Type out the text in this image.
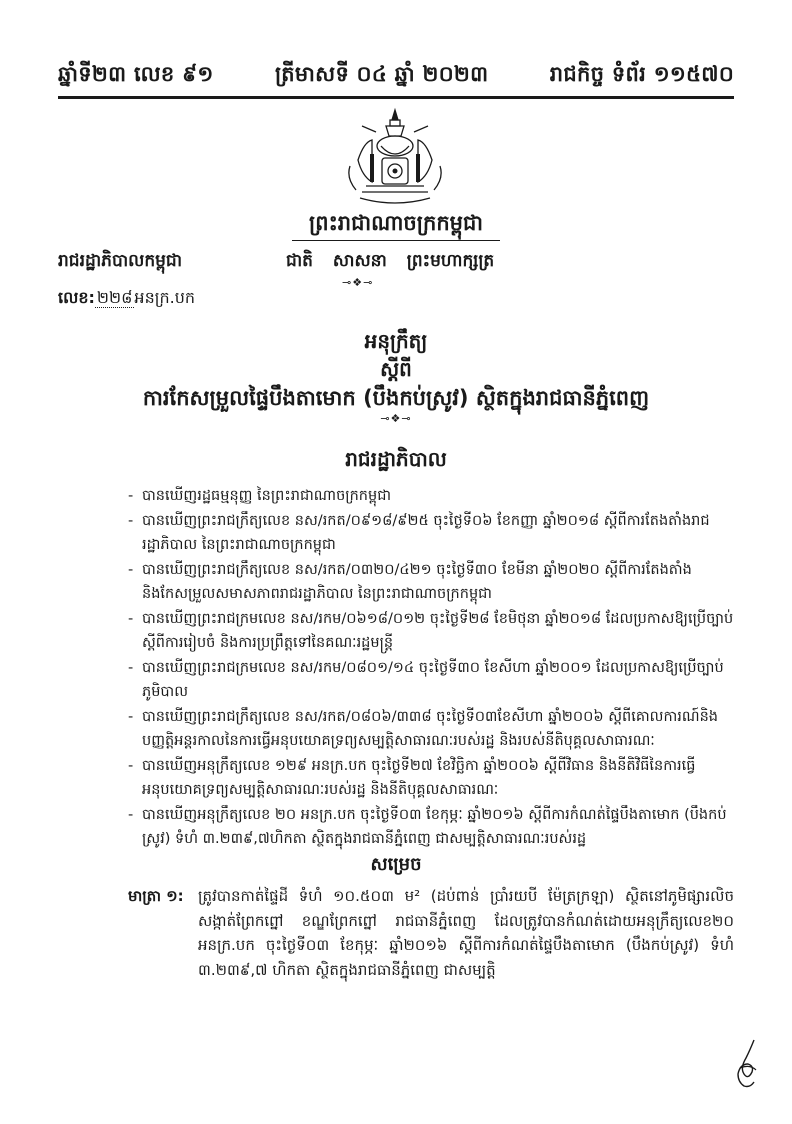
ឆ្នាំទី២៣ លេខ ៩១	ត្រីមាសទី ០៤ ឆ្នាំ ២០២៣	រាជកិច្ច ទំព័រ ១១៥៧០
ព្រះរាជាណាចក្រកម្ពុជា
រាជរដ្ឋាភិបាលកម្ពុជា	ជាតិ សាសនា ព្រះមហាក្សត្រ
⊸❖⊸
លេខ: ២២៨ អនក្រ.បក
អនុក្រឹត្យ
ស្តីពី
ការកែសម្រួលផ្ទៃបឹងតាមោក (បឹងកប់ស្រូវ) ស្ថិតក្នុងរាជធានីភ្នំពេញ
⊸❖⊸
រាជរដ្ឋាភិបាល
- បានឃើញរដ្ឋធម្មនុញ្ញ នៃព្រះរាជាណាចក្រកម្ពុជា
- បានឃើញព្រះរាជក្រឹត្យលេខ នស/រកត/០៩១៨/៩២៥ ចុះថ្ងៃទី០៦ ខែកញ្ញា ឆ្នាំ២០១៨ ស្តីពីការតែងតាំងរាជរដ្ឋាភិបាល នៃព្រះរាជាណាចក្រកម្ពុជា
- បានឃើញព្រះរាជក្រឹត្យលេខ នស/រកត/០៣២០/៤២១ ចុះថ្ងៃទី៣០ ខែមីនា ឆ្នាំ២០២០ ស្តីពីការតែងតាំងនិងកែសម្រួលសមាសភាពរាជរដ្ឋាភិបាល នៃព្រះរាជាណាចក្រកម្ពុជា
- បានឃើញព្រះរាជក្រមលេខ នស/រកម/០៦១៨/០១២ ចុះថ្ងៃទី២៨ ខែមិថុនា ឆ្នាំ២០១៨ ដែលប្រកាសឱ្យប្រើច្បាប់ស្តីពីការរៀបចំ និងការប្រព្រឹត្តទៅនៃគណៈរដ្ឋមន្ត្រី
- បានឃើញព្រះរាជក្រមលេខ នស/រកម/០៨០១/១៤ ចុះថ្ងៃទី៣០ ខែសីហា ឆ្នាំ២០០១ ដែលប្រកាសឱ្យប្រើច្បាប់ភូមិបាល
- បានឃើញព្រះរាជក្រឹត្យលេខ នស/រកត/០៨០៦/៣៣៨ ចុះថ្ងៃទី០៣ខែសីហា ឆ្នាំ២០០៦ ស្តីពីគោលការណ៍និងបញ្ញត្តិអន្តរកាលនៃការធ្វើអនុបយោគទ្រព្យសម្បត្តិសាធារណៈរបស់រដ្ឋ និងរបស់នីតិបុគ្គលសាធារណៈ
- បានឃើញអនុក្រឹត្យលេខ ១២៩ អនក្រ.បក ចុះថ្ងៃទី២៧ ខែវិច្ឆិកា ឆ្នាំ២០០៦ ស្តីពីវិធាន និងនីតិវិធីនៃការធ្វើអនុបយោគទ្រព្យសម្បត្តិសាធារណៈរបស់រដ្ឋ និងនីតិបុគ្គលសាធារណៈ
- បានឃើញអនុក្រឹត្យលេខ ២០ អនក្រ.បក ចុះថ្ងៃទី០៣ ខែកុម្ភៈ ឆ្នាំ២០១៦ ស្តីពីការកំណត់ផ្ទៃបឹងតាមោក (បឹងកប់ស្រូវ) ទំហំ ៣.២៣៩,៧ហិកតា ស្ថិតក្នុងរាជធានីភ្នំពេញ ជាសម្បត្តិសាធារណៈរបស់រដ្ឋ
សម្រេច
មាត្រា ១: ត្រូវបានកាត់ផ្ទៃដី ទំហំ ១០.៥០៣ ម² (ដប់ពាន់ ប្រាំរយបី ម៉ែត្រក្រឡា) ស្ថិតនៅភូមិផ្សារលិច សង្កាត់ព្រែកព្នៅ ខណ្ឌព្រែកព្នៅ រាជធានីភ្នំពេញ ដែលត្រូវបានកំណត់ដោយអនុក្រឹត្យលេខ២០ អនក្រ.បក ចុះថ្ងៃទី០៣ ខែកុម្ភៈ ឆ្នាំ២០១៦ ស្តីពីការកំណត់ផ្ទៃបឹងតាមោក (បឹងកប់ស្រូវ) ទំហំ ៣.២៣៩,៧ ហិកតា ស្ថិតក្នុងរាជធានីភ្នំពេញ ជាសម្បត្តិ
